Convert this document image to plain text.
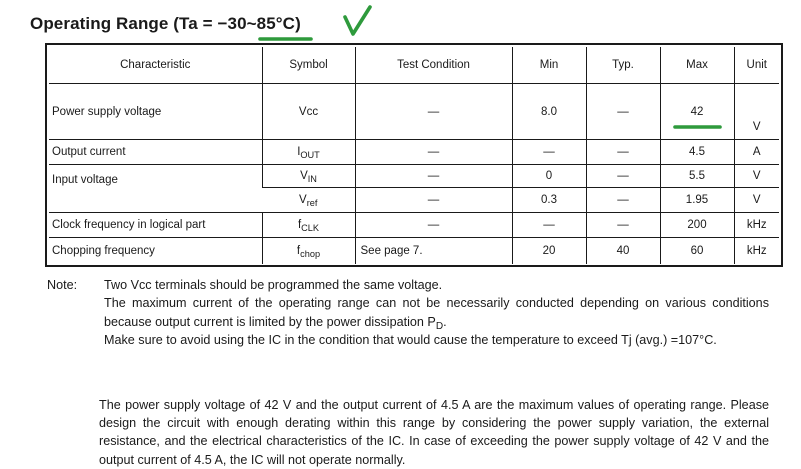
Operating Range (Ta = −30~85°C)
Characteristic	Symbol	Test Condition	Min	Typ.	Max	Unit
Power supply voltage	Vcc	—	8.0	—	42	V
Output current	$I_{OUT}$	—	—	—	4.5	A
Input voltage	$V_{IN}$	—	0	—	5.5	V
	$V_{ref}$	—	0.3	—	1.95	V
Clock frequency in logical part	$f_{CLK}$	—	—	—	200	kHz
Chopping frequency	$f_{chop}$	See page 7.	20	40	60	kHz
Note: Two Vcc terminals should be programmed the same voltage.

The maximum current of the operating range can not be necessarily conducted depending on various conditions because output current is limited by the power dissipation $P_D$.

Make sure to avoid using the IC in the condition that would cause the temperature to exceed Tj (avg.) =107°C.

The power supply voltage of 42 V and the output current of 4.5 A are the maximum values of operating range. Please design the circuit with enough derating within this range by considering the power supply variation, the external resistance, and the electrical characteristics of the IC. In case of exceeding the power supply voltage of 42 V and the output current of 4.5 A, the IC will not operate normally.
